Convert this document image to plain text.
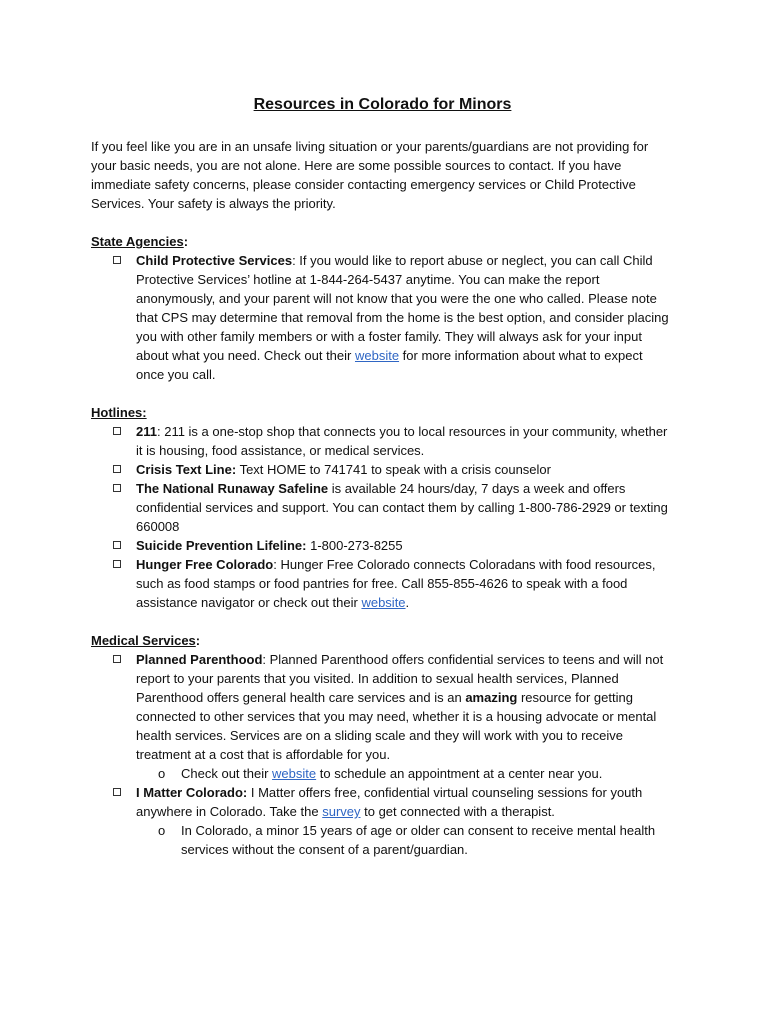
Resources in Colorado for Minors

If you feel like you are in an unsafe living situation or your parents/guardians are not providing for your basic needs, you are not alone. Here are some possible sources to contact. If you have immediate safety concerns, please consider contacting emergency services or Child Protective Services. Your safety is always the priority.

State Agencies:

Child Protective Services: If you would like to report abuse or neglect, you can call Child Protective Services’ hotline at 1-844-264-5437 anytime. You can make the report anonymously, and your parent will not know that you were the one who called. Please note that CPS may determine that removal from the home is the best option, and consider placing you with other family members or with a foster family. They will always ask for your input about what you need. Check out their website for more information about what to expect once you call.

Hotlines:

211: 211 is a one-stop shop that connects you to local resources in your community, whether it is housing, food assistance, or medical services.
Crisis Text Line: Text HOME to 741741 to speak with a crisis counselor
The National Runaway Safeline is available 24 hours/day, 7 days a week and offers confidential services and support. You can contact them by calling 1-800-786-2929 or texting 660008
Suicide Prevention Lifeline: 1-800-273-8255
Hunger Free Colorado: Hunger Free Colorado connects Coloradans with food resources, such as food stamps or food pantries for free. Call 855-855-4626 to speak with a food assistance navigator or check out their website.

Medical Services:

Planned Parenthood: Planned Parenthood offers confidential services to teens and will not report to your parents that you visited. In addition to sexual health services, Planned Parenthood offers general health care services and is an amazing resource for getting connected to other services that you may need, whether it is a housing advocate or mental health services. Services are on a sliding scale and they will work with you to receive treatment at a cost that is affordable for you.
o Check out their website to schedule an appointment at a center near you.
I Matter Colorado: I Matter offers free, confidential virtual counseling sessions for youth anywhere in Colorado. Take the survey to get connected with a therapist.
o In Colorado, a minor 15 years of age or older can consent to receive mental health services without the consent of a parent/guardian.
